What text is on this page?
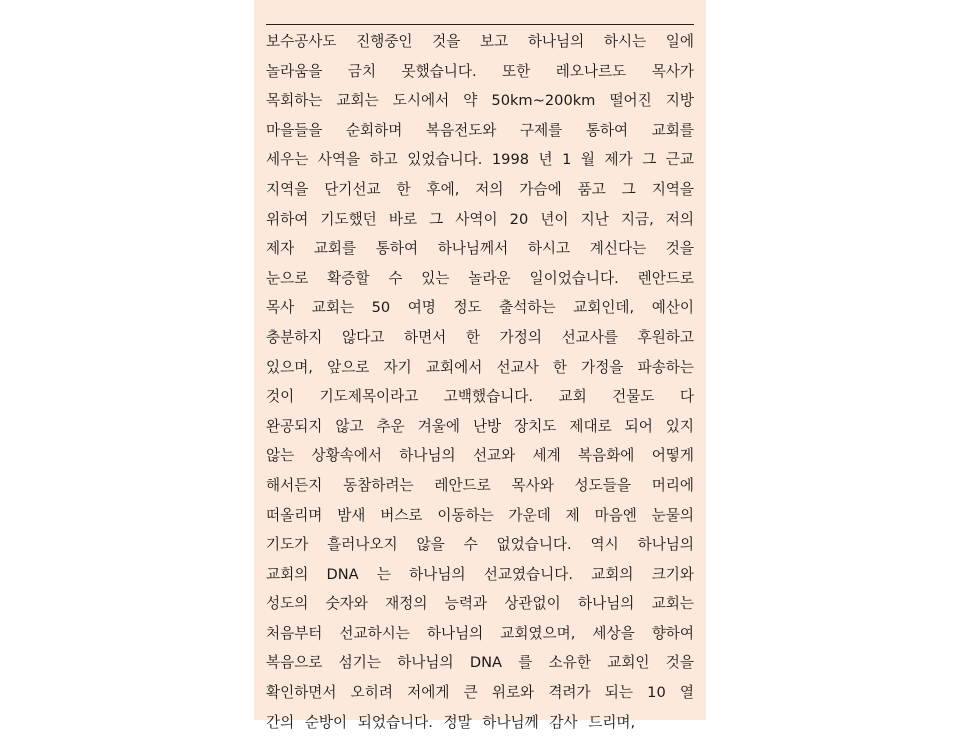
보수공사도 진행중인 것을 보고 하나님의 하시는 일에
놀라움을 금치 못했습니다. 또한 레오나르도 목사가
목회하는 교회는 도시에서 약 50km~200km 떨어진 지방
마을들을 순회하며 복음전도와 구제를 통하여 교회를
세우는 사역을 하고 있었습니다. 1998 년 1 월 제가 그 근교
지역을 단기선교 한 후에, 저의 가슴에 품고 그 지역을
위하여 기도했던 바로 그 사역이 20 년이 지난 지금, 저의
제자 교회를 통하여 하나님께서 하시고 계신다는 것을
눈으로 확증할 수 있는 놀라운 일이었습니다. 렌안드로
목사 교회는 50 여명 정도 출석하는 교회인데, 예산이
충분하지 않다고 하면서 한 가정의 선교사를 후원하고
있으며, 앞으로 자기 교회에서 선교사 한 가정을 파송하는
것이 기도제목이라고 고백했습니다. 교회 건물도 다
완공되지 않고 추운 겨울에 난방 장치도 제대로 되어 있지
않는 상황속에서 하나님의 선교와 세계 복음화에 어떻게
해서든지 동참하려는 레안드로 목사와 성도들을 머리에
떠올리며 밤새 버스로 이동하는 가운데 제 마음엔 눈물의
기도가 흘러나오지 않을 수 없었습니다. 역시 하나님의
교회의 DNA 는 하나님의 선교였습니다. 교회의 크기와
성도의 숫자와 재정의 능력과 상관없이 하나님의 교회는
처음부터 선교하시는 하나님의 교회였으며, 세상을 향하여
복음으로 섬기는 하나님의 DNA 를 소유한 교회인 것을
확인하면서 오히려 저에게 큰 위로와 격려가 되는 10 열
간의 순방이 되었습니다. 정말 하나님께 감사 드리며,
